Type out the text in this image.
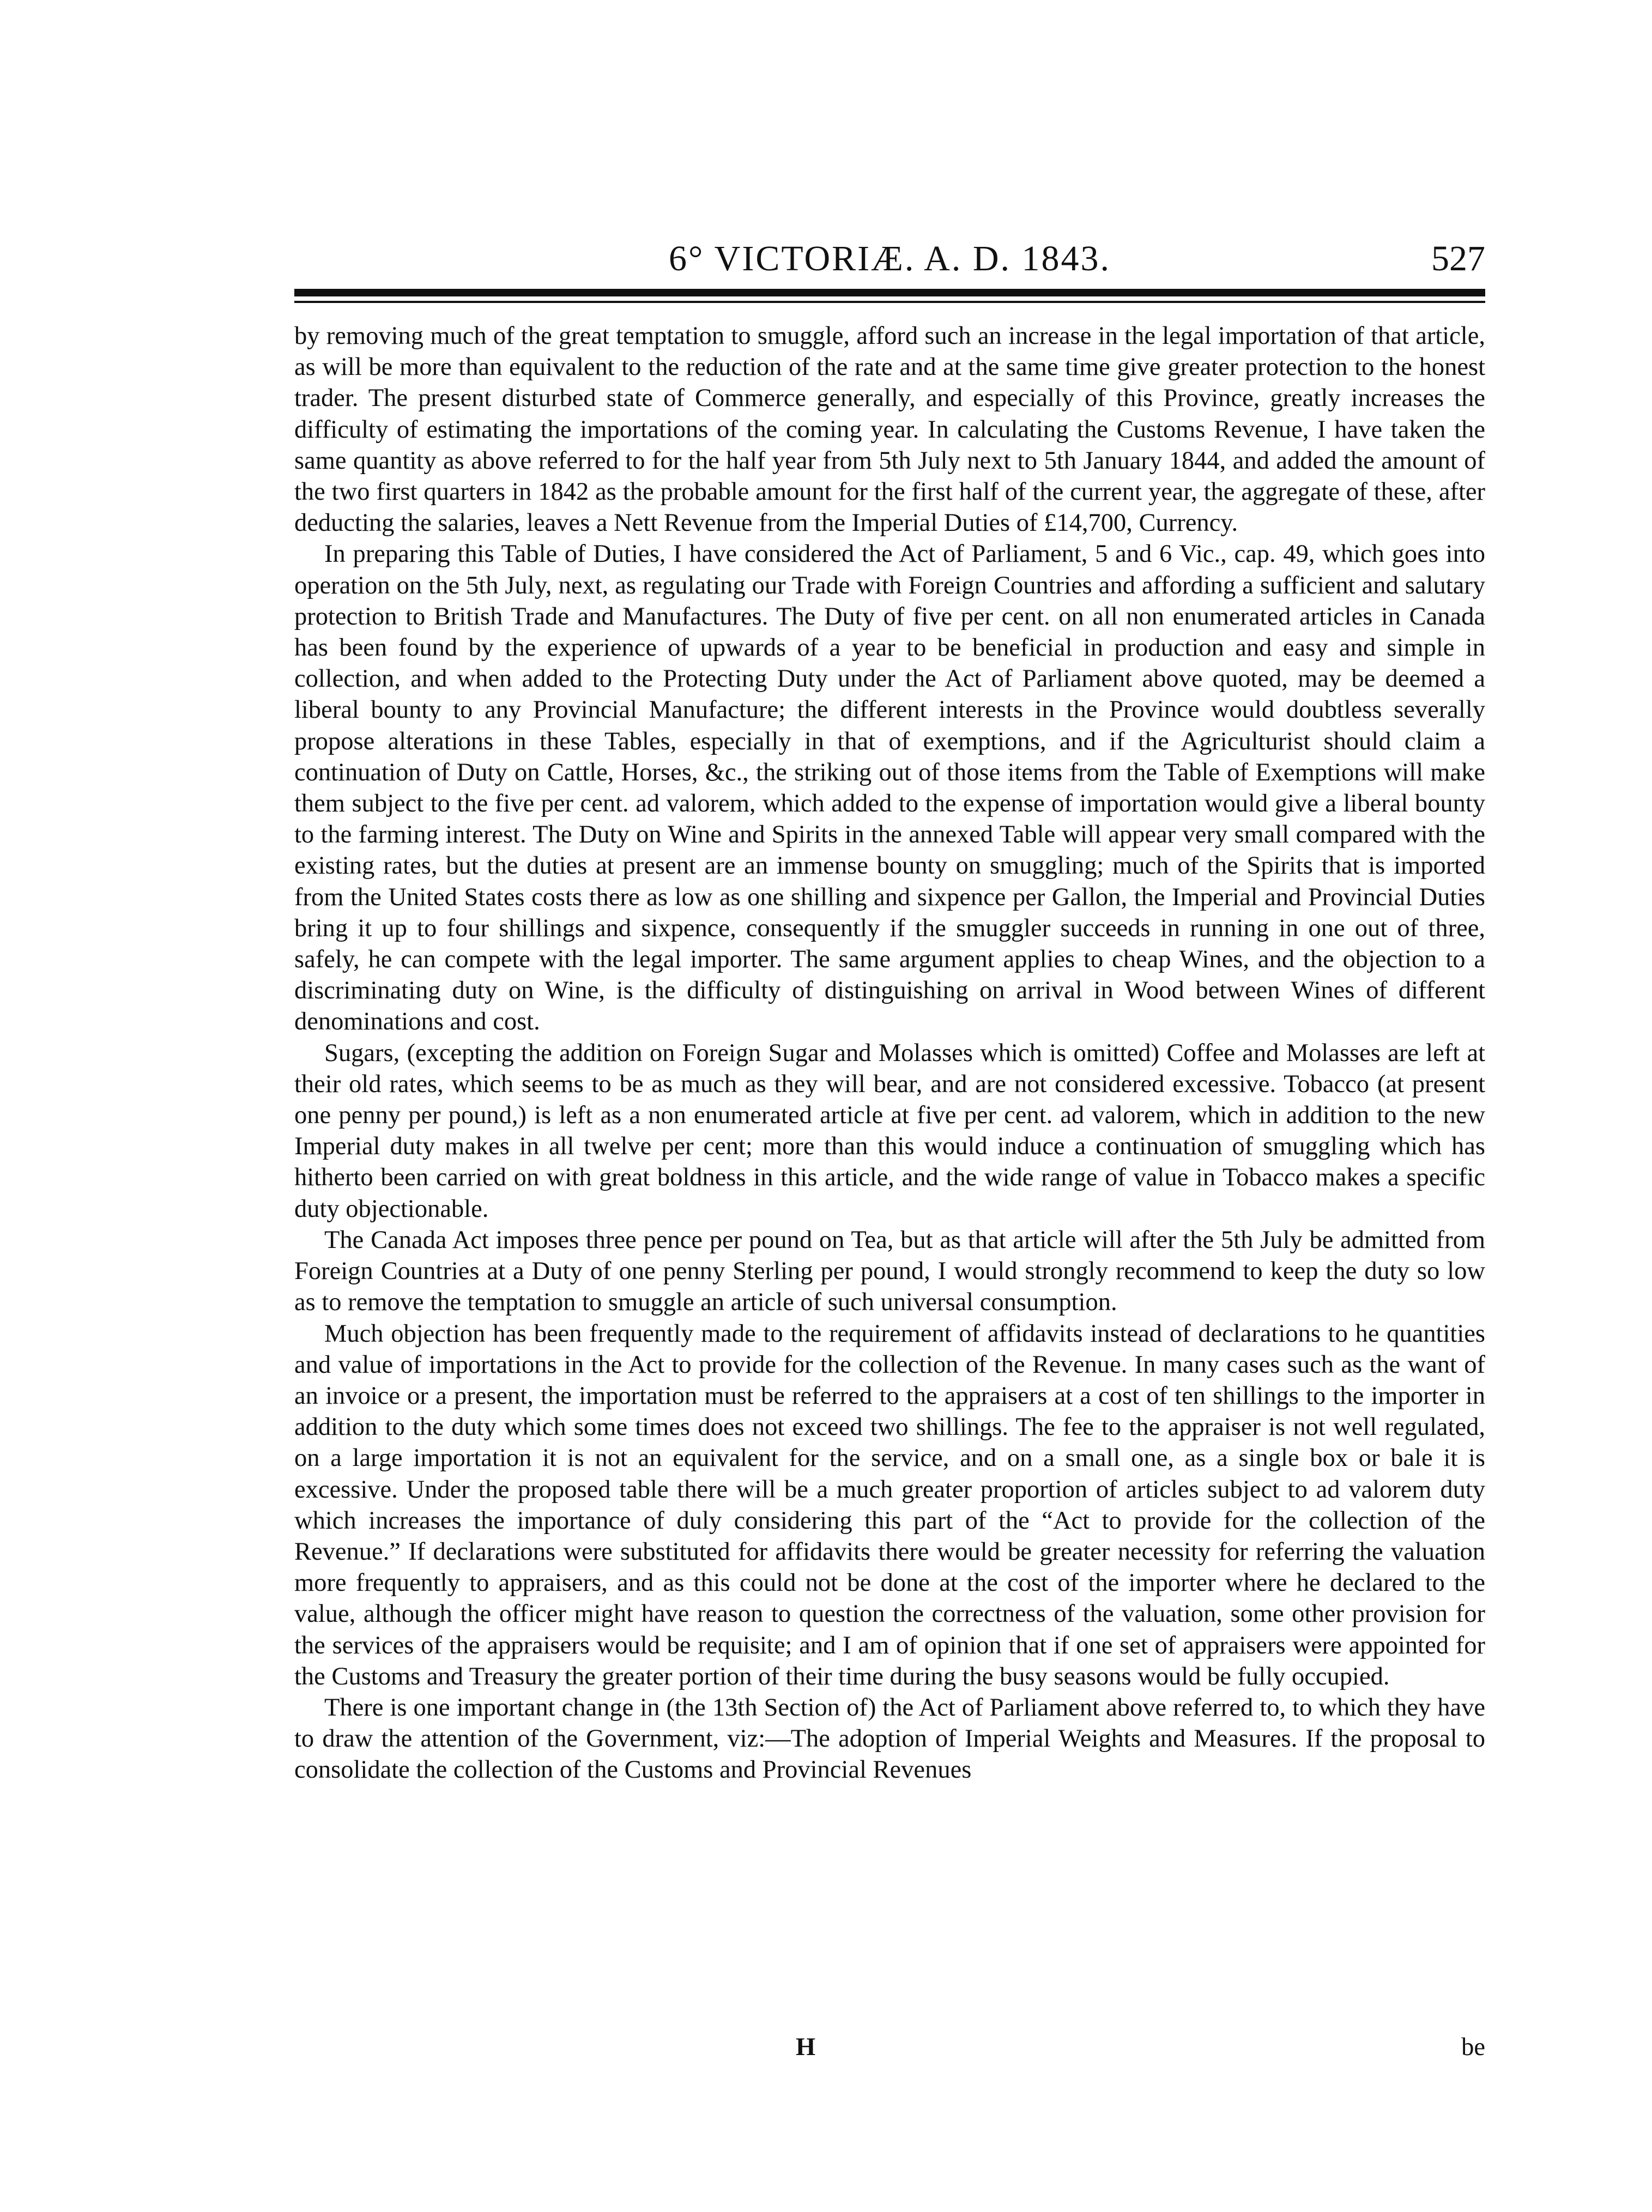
6° VICTORIÆ. A. D. 1843.	527

by removing much of the great temptation to smuggle, afford such an increase in the legal importation of that article, as will be more than equivalent to the reduction of the rate and at the same time give greater protection to the honest trader. The present disturbed state of Commerce generally, and especially of this Province, greatly increases the difficulty of estimating the importations of the coming year. In calculating the Customs Revenue, I have taken the same quantity as above referred to for the half year from 5th July next to 5th January 1844, and added the amount of the two first quarters in 1842 as the probable amount for the first half of the current year, the aggregate of these, after deducting the salaries, leaves a Nett Revenue from the Imperial Duties of £14,700, Currency.

In preparing this Table of Duties, I have considered the Act of Parliament, 5 and 6 Vic., cap. 49, which goes into operation on the 5th July, next, as regulating our Trade with Foreign Countries and affording a sufficient and salutary protection to British Trade and Manufactures. The Duty of five per cent. on all non enumerated articles in Canada has been found by the experience of upwards of a year to be beneficial in production and easy and simple in collection, and when added to the Protecting Duty under the Act of Parliament above quoted, may be deemed a liberal bounty to any Provincial Manufacture; the different interests in the Province would doubtless severally propose alterations in these Tables, especially in that of exemptions, and if the Agriculturist should claim a continuation of Duty on Cattle, Horses, &c., the striking out of those items from the Table of Exemptions will make them subject to the five per cent. ad valorem, which added to the expense of importation would give a liberal bounty to the farming interest. The Duty on Wine and Spirits in the annexed Table will appear very small compared with the existing rates, but the duties at present are an immense bounty on smuggling; much of the Spirits that is imported from the United States costs there as low as one shilling and sixpence per Gallon, the Imperial and Provincial Duties bring it up to four shillings and sixpence, consequently if the smuggler succeeds in running in one out of three, safely, he can compete with the legal importer. The same argument applies to cheap Wines, and the objection to a discriminating duty on Wine, is the difficulty of distinguishing on arrival in Wood between Wines of different denominations and cost.

Sugars, (excepting the addition on Foreign Sugar and Molasses which is omitted) Coffee and Molasses are left at their old rates, which seems to be as much as they will bear, and are not considered excessive. Tobacco (at present one penny per pound,) is left as a non enumerated article at five per cent. ad valorem, which in addition to the new Imperial duty makes in all twelve per cent; more than this would induce a continuation of smuggling which has hitherto been carried on with great boldness in this article, and the wide range of value in Tobacco makes a specific duty objectionable.

The Canada Act imposes three pence per pound on Tea, but as that article will after the 5th July be admitted from Foreign Countries at a Duty of one penny Sterling per pound, I would strongly recommend to keep the duty so low as to remove the temptation to smuggle an article of such universal consumption.

Much objection has been frequently made to the requirement of affidavits instead of declarations to he quantities and value of importations in the Act to provide for the collection of the Revenue. In many cases such as the want of an invoice or a present, the importation must be referred to the appraisers at a cost of ten shillings to the importer in addition to the duty which some times does not exceed two shillings. The fee to the appraiser is not well regulated, on a large importation it is not an equivalent for the service, and on a small one, as a single box or bale it is excessive. Under the proposed table there will be a much greater proportion of articles subject to ad valorem duty which increases the importance of duly considering this part of the “Act to provide for the collection of the Revenue.” If declarations were substituted for affidavits there would be greater necessity for referring the valuation more frequently to appraisers, and as this could not be done at the cost of the importer where he declared to the value, although the officer might have reason to question the correctness of the valuation, some other provision for the services of the appraisers would be requisite; and I am of opinion that if one set of appraisers were appointed for the Customs and Treasury the greater portion of their time during the busy seasons would be fully occupied.

There is one important change in (the 13th Section of) the Act of Parliament above referred to, to which they have to draw the attention of the Government, viz:—The adoption of Imperial Weights and Measures. If the proposal to consolidate the collection of the Customs and Provincial Revenues

H	be
